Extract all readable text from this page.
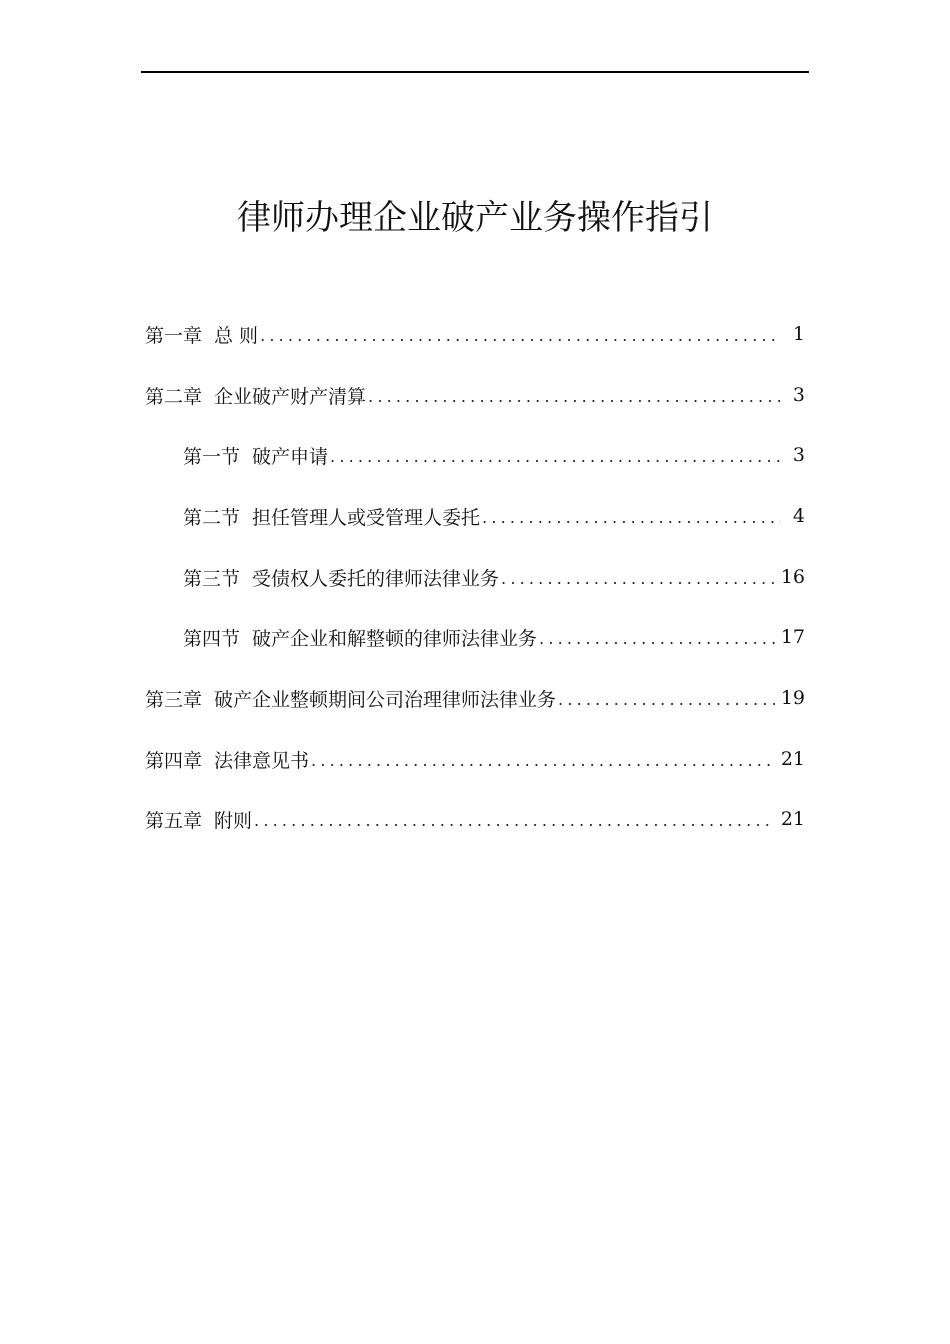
律师办理企业破产业务操作指引
第一章 总 则 .....	1
第二章 企业破产财产清算 .....	3
第一节 破产申请 .....	3
第二节 担任管理人或受管理人委托 .....	4
第三节 受债权人委托的律师法律业务 .....	16
第四节 破产企业和解整顿的律师法律业务 .....	17
第三章 破产企业整顿期间公司治理律师法律业务 .....	19
第四章 法律意见书 .....	21
第五章 附则 .....	21
